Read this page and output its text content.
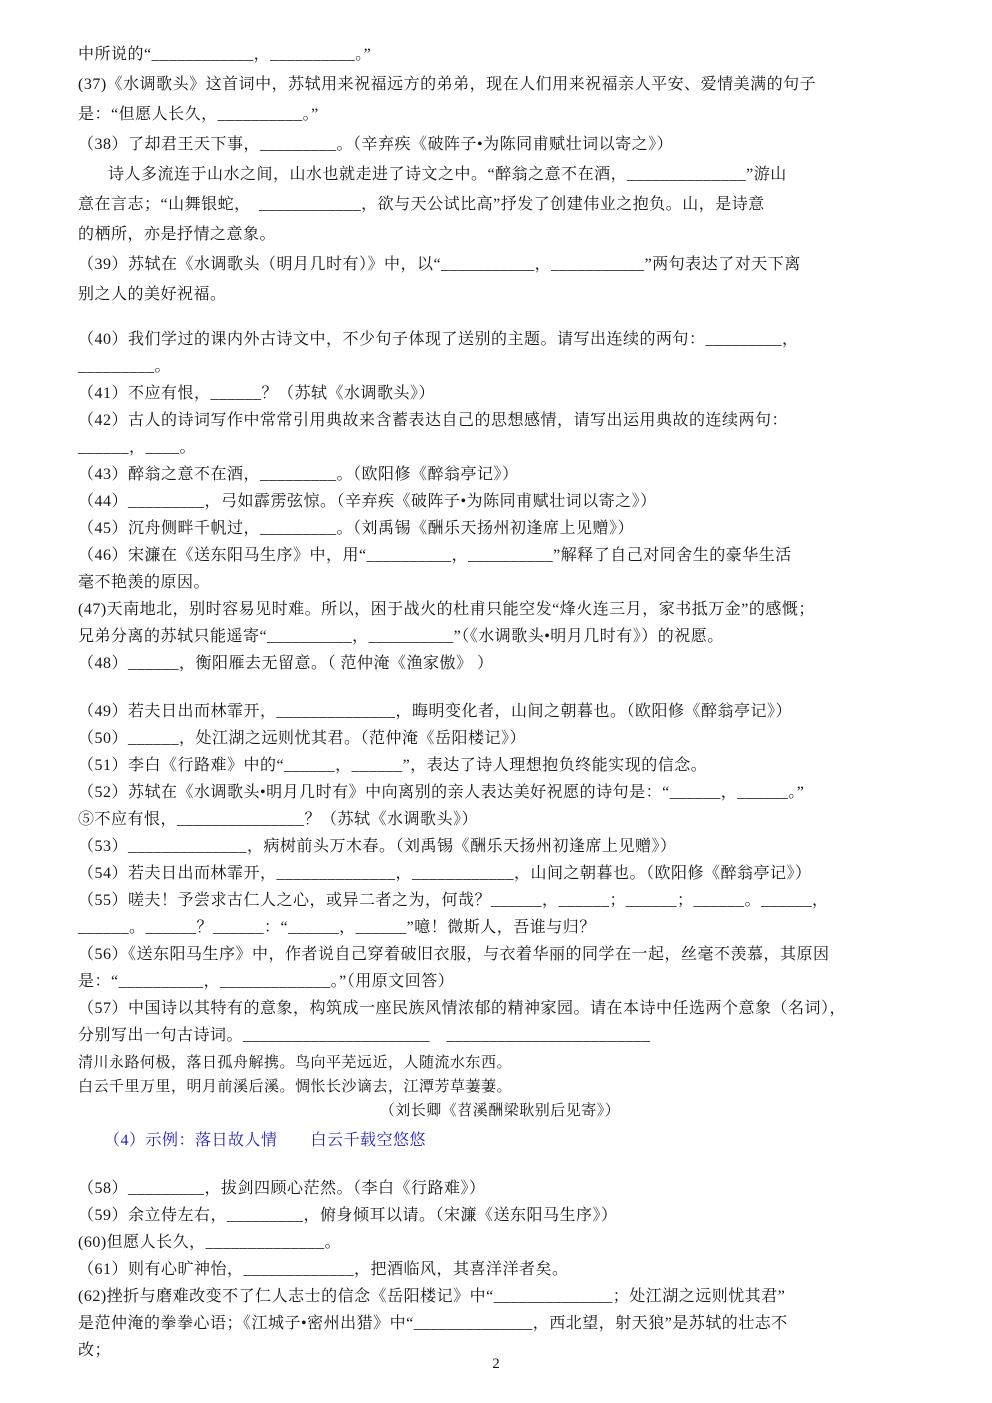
中所说的“____________，__________。”

(37)《水调歌头》这首词中，苏轼用来祝福远方的弟弟，现在人们用来祝福亲人平安、爱情美满的句子

是：“但愿人长久，__________。”

（38）了却君王天下事，_________。（辛弃疾《破阵子•为陈同甫赋壮词以寄之》）

诗人多流连于山水之间，山水也就走进了诗文之中。“醉翁之意不在酒，______________”游山

意在言志；“山舞银蛇，　____________，欲与天公试比高”抒发了创建伟业之抱负。山，是诗意

的栖所，亦是抒情之意象。

（39）苏轼在《水调歌头（明月几时有）》中，以“___________，___________”两句表达了对天下离

别之人的美好祝福。

（40）我们学过的课内外古诗文中，不少句子体现了送别的主题。请写出连续的两句：_________，

_________。

（41）不应有恨，______？（苏轼《水调歌头》）

（42）古人的诗词写作中常常引用典故来含蓄表达自己的思想感情，请写出运用典故的连续两句：

______，____。

（43）醉翁之意不在酒，_________。（欧阳修《醉翁亭记》）

（44）_________，弓如霹雳弦惊。（辛弃疾《破阵子•为陈同甫赋壮词以寄之》）

（45）沉舟侧畔千帆过，_________。（刘禹锡《酬乐天扬州初逢席上见赠》）

（46）宋濂在《送东阳马生序》中，用“__________，__________”解释了自己对同舍生的豪华生活

毫不艳羡的原因。

(47)天南地北，别时容易见时难。所以，困于战火的杜甫只能空发“烽火连三月，家书抵万金”的感慨；

兄弟分离的苏轼只能遥寄“__________，__________”（《水调歌头•明月几时有》）的祝愿。

（48）______，衡阳雁去无留意。（ 范仲淹《渔家傲》 ）

（49）若夫日出而林霏开，______________，晦明变化者，山间之朝暮也。（欧阳修《醉翁亭记》）

（50）______，处江湖之远则忧其君。（范仲淹《岳阳楼记》）

（51）李白《行路难》中的“______，______”，表达了诗人理想抱负终能实现的信念。

（52）苏轼在《水调歌头•明月几时有》中向离别的亲人表达美好祝愿的诗句是：“______，______。”

⑤不应有恨，_______________？（苏轼《水调歌头》）

（53）______________，病树前头万木春。（刘禹锡《酬乐天扬州初逢席上见赠》）

（54）若夫日出而林霏开，______________，____________，山间之朝暮也。（欧阳修《醉翁亭记》）

（55）嗟夫！予尝求古仁人之心，或异二者之为，何哉？______，______；______；______。______，

______。______？______：“______，______”噫！微斯人，吾谁与归？

（56）《送东阳马生序》中，作者说自己穿着破旧衣服，与衣着华丽的同学在一起，丝毫不羡慕，其原因

是：“__________，_____________。”（用原文回答）

（57）中国诗以其特有的意象，构筑成一座民族风情浓郁的精神家园。请在本诗中任选两个意象（名词），

分别写出一句古诗词。______________________　________________________

清川永路何极，落日孤舟解携。鸟向平芜远近，人随流水东西。

白云千里万里，明月前溪后溪。惆怅长沙谪去，江潭芳草萋萋。

（刘长卿《苕溪酬梁耿别后见寄》）

（4）示例：落日故人情　　白云千载空悠悠

（58）_________，拔剑四顾心茫然。（李白《行路难》）

（59）余立侍左右，_________，俯身倾耳以请。（宋濂《送东阳马生序》）

(60)但愿人长久，______________。

（61）则有心旷神怡，_____________，把酒临风，其喜洋洋者矣。

(62)挫折与磨难改变不了仁人志士的信念《岳阳楼记》中“______________；处江湖之远则忧其君”

是范仲淹的拳拳心语；《江城子•密州出猎》中“______________，西北望，射天狼”是苏轼的壮志不

改；

2
